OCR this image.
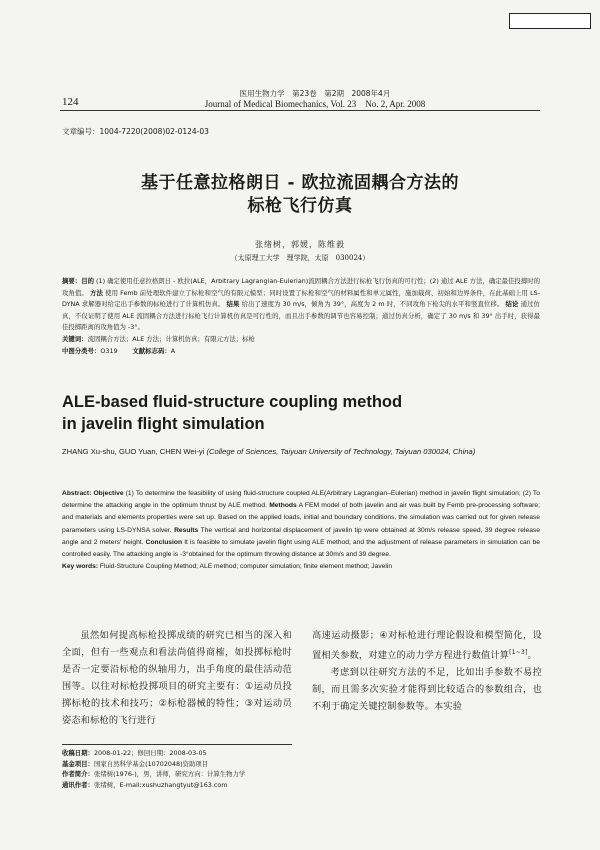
医用生物力学　第23卷　第2期　2008年4月
Journal of Medical Biomechanics, Vol. 23　No. 2, Apr. 2008
124
文章编号：1004-7220(2008)02-0124-03
基于任意拉格朗日 - 欧拉流固耦合方法的
标枪飞行仿真
张绪树，郭媛，陈维毅
（太原理工大学　理学院，太原　030024）
摘要：目的 (1) 确定使用任意拉格朗日 - 欧拉(ALE，Arbitrary Lagrangian-Eulerian)流固耦合方法进行标枪飞行仿真的可行性；(2) 通过 ALE 方法，确定最佳投掷时的攻角值。 方法 使用 Femb 前处理软件建立了标枪和空气的有限元模型；同时设置了标枪和空气的材料属性和单元属性，施加载荷、初始和边界条件，在此基础上用 LS-DYNA 求解器对给定出手参数的标枪进行了计算机仿真。 结果 给出了速度为 30 m/s，倾角为 39°，高度为 2 m 时，不同攻角下枪尖的水平和竖直位移。 结论 通过仿真，不仅证明了使用 ALE 流固耦合方法进行标枪飞行计算机仿真是可行性的，而且出手参数的调节也容易控制；通过仿真分析，确定了 30 m/s 和 39° 出手时，获得最佳投掷距离的攻角值为 -3°。
关键词：流固耦合方法；ALE 方法；计算机仿真；有限元方法；标枪
中图分类号：O319    文献标志码：A
ALE-based fluid-structure coupling method
in javelin flight simulation
ZHANG Xu-shu, GUO Yuan, CHEN Wei-yi (College of Sciences, Taiyuan University of Technology, Taiyuan 030024, China)
Abstract: Objective (1) To determine the feasibility of using fluid-structure coupled ALE(Arbitrary Lagrangian–Eulerian) method in javelin flight simulation; (2) To determine the attacking angle in the optimum thrust by ALE method. Methods A FEM model of both javelin and air was built by Femb pre-processing software; and materials and elements properties were set up. Based on the applied loads, initial and boundary conditions, the simulation was carried out for given release parameters using LS-DYNSA solver. Results The vertical and horizontal displacement of javelin tip were obtained at 30m/s release speed, 39 degree release angle and 2 meters' height. Conclusion It is feasible to simulate javelin flight using ALE method; and the adjustment of release parameters in simulation can be controlled easily. The attacking angle is -3°obtained for the optimum throwing distance at 30m/s and 39 degree.
Key words: Fluid-Structure Coupling Method; ALE method; computer simulation; finite element method; Javelin

虽然如何提高标枪投掷成绩的研究已相当的深入和全面，但有一些观点和看法尚值得商榷，如投掷标枪时是否一定要沿标枪的纵轴用力，出手角度的最佳活动范围等。以往对标枪投掷项目的研究主要有：①运动员投掷标枪的技术和技巧；②标枪器械的特性；③对运动员姿态和标枪的飞行进行

高速运动摄影；④对标枪进行理论假设和模型简化，设置相关参数，对建立的动力学方程进行数值计算[1~3]。

考虑到以往研究方法的不足，比如出手参数不易控制，而且需多次实验才能得到比较适合的参数组合，也不利于确定关键控制参数等。本实验

收稿日期：2008-01-22；修回日期：2008-03-05
基金项目：国家自然科学基金(10702048)资助项目
作者简介：张绪树(1976-)，男，讲师，研究方向：计算生物力学
通讯作者：张绪树，E-mail:xushuzhangtyut@163.com
